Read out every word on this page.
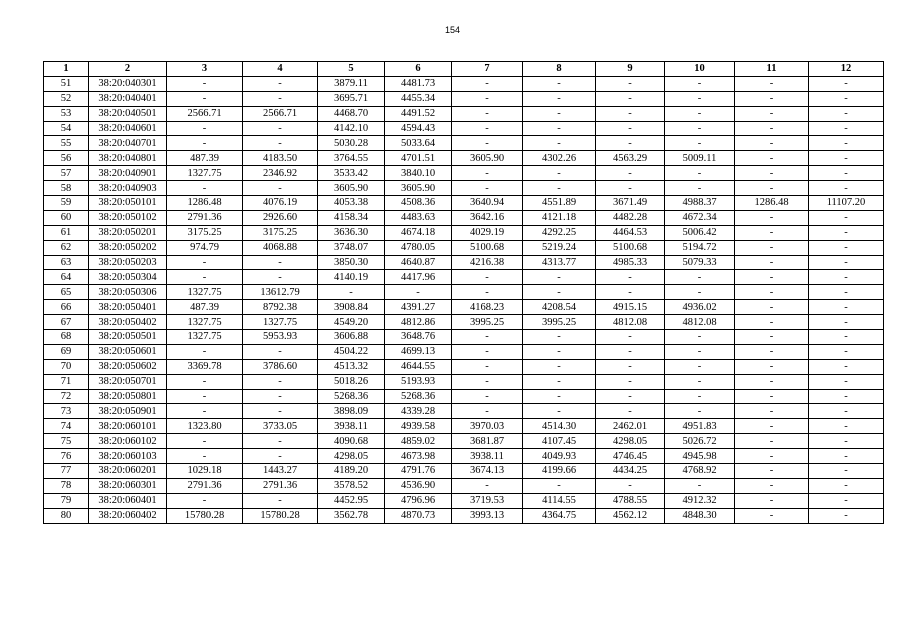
154
1	2	3	4	5	6	7	8	9	10	11	12
51	38:20:040301	-	-	3879.11	4481.73	-	-	-	-	-	-
52	38:20:040401	-	-	3695.71	4455.34	-	-	-	-	-	-
53	38:20:040501	2566.71	2566.71	4468.70	4491.52	-	-	-	-	-	-
54	38:20:040601	-	-	4142.10	4594.43	-	-	-	-	-	-
55	38:20:040701	-	-	5030.28	5033.64	-	-	-	-	-	-
56	38:20:040801	487.39	4183.50	3764.55	4701.51	3605.90	4302.26	4563.29	5009.11	-	-
57	38:20:040901	1327.75	2346.92	3533.42	3840.10	-	-	-	-	-	-
58	38:20:040903	-	-	3605.90	3605.90	-	-	-	-	-	-
59	38:20:050101	1286.48	4076.19	4053.38	4508.36	3640.94	4551.89	3671.49	4988.37	1286.48	11107.20
60	38:20:050102	2791.36	2926.60	4158.34	4483.63	3642.16	4121.18	4482.28	4672.34	-	-
61	38:20:050201	3175.25	3175.25	3636.30	4674.18	4029.19	4292.25	4464.53	5006.42	-	-
62	38:20:050202	974.79	4068.88	3748.07	4780.05	5100.68	5219.24	5100.68	5194.72	-	-
63	38:20:050203	-	-	3850.30	4640.87	4216.38	4313.77	4985.33	5079.33	-	-
64	38:20:050304	-	-	4140.19	4417.96	-	-	-	-	-	-
65	38:20:050306	1327.75	13612.79	-	-	-	-	-	-	-	-
66	38:20:050401	487.39	8792.38	3908.84	4391.27	4168.23	4208.54	4915.15	4936.02	-	-
67	38:20:050402	1327.75	1327.75	4549.20	4812.86	3995.25	3995.25	4812.08	4812.08	-	-
68	38:20:050501	1327.75	5953.93	3606.88	3648.76	-	-	-	-	-	-
69	38:20:050601	-	-	4504.22	4699.13	-	-	-	-	-	-
70	38:20:050602	3369.78	3786.60	4513.32	4644.55	-	-	-	-	-	-
71	38:20:050701	-	-	5018.26	5193.93	-	-	-	-	-	-
72	38:20:050801	-	-	5268.36	5268.36	-	-	-	-	-	-
73	38:20:050901	-	-	3898.09	4339.28	-	-	-	-	-	-
74	38:20:060101	1323.80	3733.05	3938.11	4939.58	3970.03	4514.30	2462.01	4951.83	-	-
75	38:20:060102	-	-	4090.68	4859.02	3681.87	4107.45	4298.05	5026.72	-	-
76	38:20:060103	-	-	4298.05	4673.98	3938.11	4049.93	4746.45	4945.98	-	-
77	38:20:060201	1029.18	1443.27	4189.20	4791.76	3674.13	4199.66	4434.25	4768.92	-	-
78	38:20:060301	2791.36	2791.36	3578.52	4536.90	-	-	-	-	-	-
79	38:20:060401	-	-	4452.95	4796.96	3719.53	4114.55	4788.55	4912.32	-	-
80	38:20:060402	15780.28	15780.28	3562.78	4870.73	3993.13	4364.75	4562.12	4848.30	-	-
